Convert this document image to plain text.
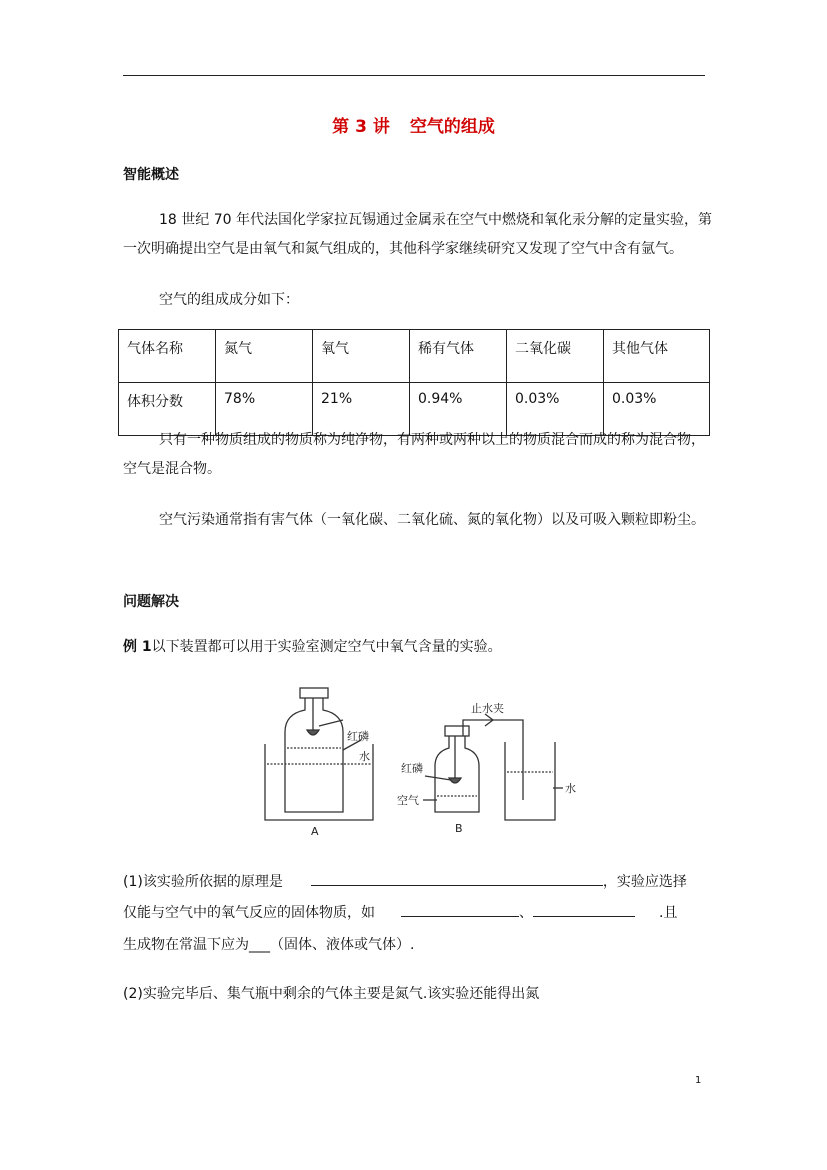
第 3 讲 空气的组成
智能概述
18 世纪 70 年代法国化学家拉瓦锡通过金属汞在空气中燃烧和氧化汞分解的定量实验，第一次明确提出空气是由氧气和氮气组成的，其他科学家继续研究又发现了空气中含有氩气。
空气的组成成分如下：
气体名称	氮气	氧气	稀有气体	二氧化碳	其他气体
体积分数	78%	21%	0.94%	0.03%	0.03%
只有一种物质组成的物质称为纯净物，有两种或两种以上的物质混合而成的称为混合物，空气是混合物。
空气污染通常指有害气体（一氧化碳、二氧化硫、氮的氧化物）以及可吸入颗粒即粉尘。
问题解决
例 1以下装置都可以用于实验室测定空气中氧气含量的实验。
红磷
水
A
止水夹
红磷
空气
水
B
(1)该实验所依据的原理是	，实验应选择
仅能与空气中的氧气反应的固体物质，如	、	.且
生成物在常温下应为___（固体、液体或气体）.
(2)实验完毕后、集气瓶中剩余的气体主要是氮气.该实验还能得出氮
1
